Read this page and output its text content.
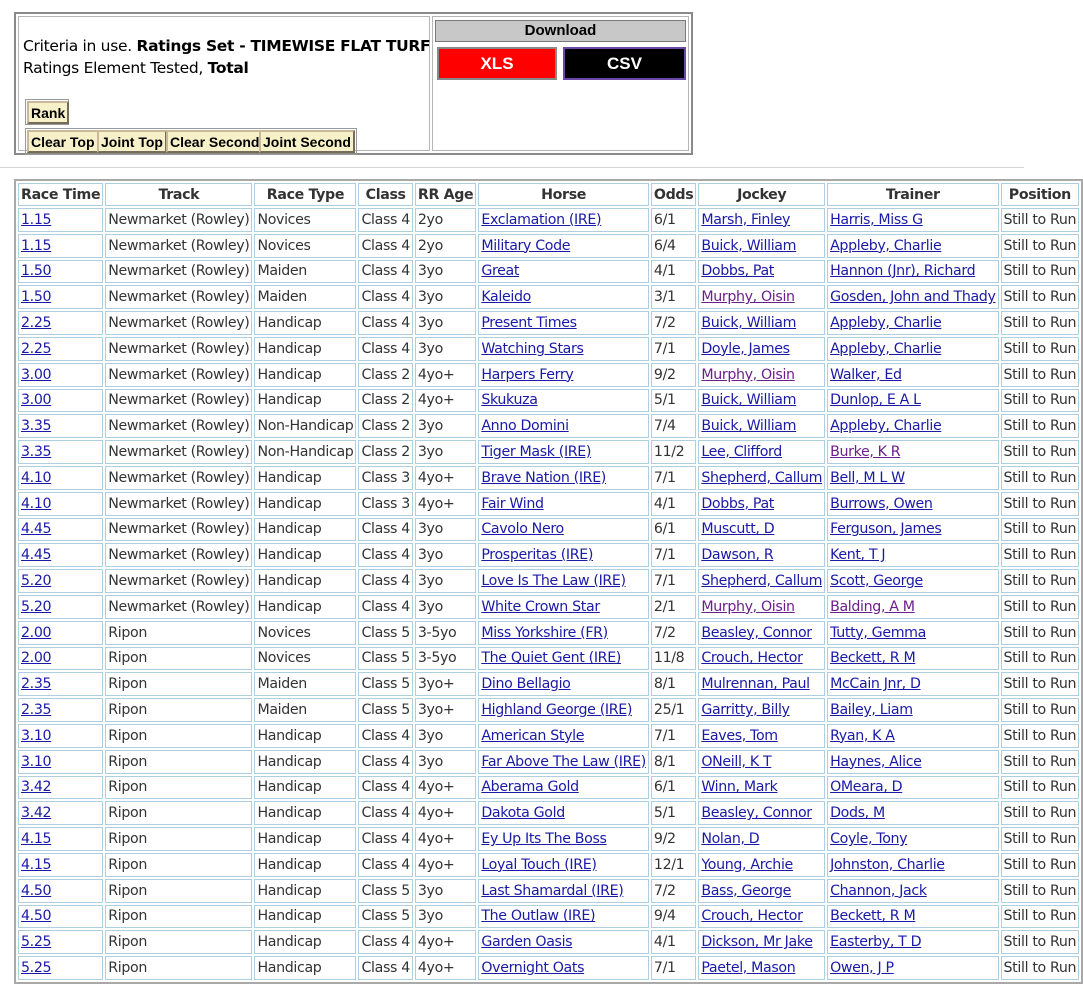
Criteria in use. Ratings Set - TIMEWISE FLAT TURF
Ratings Element Tested, Total
Rank
Clear Top Joint Top Clear Second Joint Second
Download
XLS	CSV
Race Time	Track	Race Type	Class	RR Age	Horse	Odds	Jockey	Trainer	Position
1.15	Newmarket (Rowley)	Novices	Class 4	2yo	Exclamation (IRE)	6/1	Marsh, Finley	Harris, Miss G	Still to Run
1.15	Newmarket (Rowley)	Novices	Class 4	2yo	Military Code	6/4	Buick, William	Appleby, Charlie	Still to Run
1.50	Newmarket (Rowley)	Maiden	Class 4	3yo	Great	4/1	Dobbs, Pat	Hannon (Jnr), Richard	Still to Run
1.50	Newmarket (Rowley)	Maiden	Class 4	3yo	Kaleido	3/1	Murphy, Oisin	Gosden, John and Thady	Still to Run
2.25	Newmarket (Rowley)	Handicap	Class 4	3yo	Present Times	7/2	Buick, William	Appleby, Charlie	Still to Run
2.25	Newmarket (Rowley)	Handicap	Class 4	3yo	Watching Stars	7/1	Doyle, James	Appleby, Charlie	Still to Run
3.00	Newmarket (Rowley)	Handicap	Class 2	4yo+	Harpers Ferry	9/2	Murphy, Oisin	Walker, Ed	Still to Run
3.00	Newmarket (Rowley)	Handicap	Class 2	4yo+	Skukuza	5/1	Buick, William	Dunlop, E A L	Still to Run
3.35	Newmarket (Rowley)	Non-Handicap	Class 2	3yo	Anno Domini	7/4	Buick, William	Appleby, Charlie	Still to Run
3.35	Newmarket (Rowley)	Non-Handicap	Class 2	3yo	Tiger Mask (IRE)	11/2	Lee, Clifford	Burke, K R	Still to Run
4.10	Newmarket (Rowley)	Handicap	Class 3	4yo+	Brave Nation (IRE)	7/1	Shepherd, Callum	Bell, M L W	Still to Run
4.10	Newmarket (Rowley)	Handicap	Class 3	4yo+	Fair Wind	4/1	Dobbs, Pat	Burrows, Owen	Still to Run
4.45	Newmarket (Rowley)	Handicap	Class 4	3yo	Cavolo Nero	6/1	Muscutt, D	Ferguson, James	Still to Run
4.45	Newmarket (Rowley)	Handicap	Class 4	3yo	Prosperitas (IRE)	7/1	Dawson, R	Kent, T J	Still to Run
5.20	Newmarket (Rowley)	Handicap	Class 4	3yo	Love Is The Law (IRE)	7/1	Shepherd, Callum	Scott, George	Still to Run
5.20	Newmarket (Rowley)	Handicap	Class 4	3yo	White Crown Star	2/1	Murphy, Oisin	Balding, A M	Still to Run
2.00	Ripon	Novices	Class 5	3-5yo	Miss Yorkshire (FR)	7/2	Beasley, Connor	Tutty, Gemma	Still to Run
2.00	Ripon	Novices	Class 5	3-5yo	The Quiet Gent (IRE)	11/8	Crouch, Hector	Beckett, R M	Still to Run
2.35	Ripon	Maiden	Class 5	3yo+	Dino Bellagio	8/1	Mulrennan, Paul	McCain Jnr, D	Still to Run
2.35	Ripon	Maiden	Class 5	3yo+	Highland George (IRE)	25/1	Garritty, Billy	Bailey, Liam	Still to Run
3.10	Ripon	Handicap	Class 4	3yo	American Style	7/1	Eaves, Tom	Ryan, K A	Still to Run
3.10	Ripon	Handicap	Class 4	3yo	Far Above The Law (IRE)	8/1	ONeill, K T	Haynes, Alice	Still to Run
3.42	Ripon	Handicap	Class 4	4yo+	Aberama Gold	6/1	Winn, Mark	OMeara, D	Still to Run
3.42	Ripon	Handicap	Class 4	4yo+	Dakota Gold	5/1	Beasley, Connor	Dods, M	Still to Run
4.15	Ripon	Handicap	Class 4	4yo+	Ey Up Its The Boss	9/2	Nolan, D	Coyle, Tony	Still to Run
4.15	Ripon	Handicap	Class 4	4yo+	Loyal Touch (IRE)	12/1	Young, Archie	Johnston, Charlie	Still to Run
4.50	Ripon	Handicap	Class 5	3yo	Last Shamardal (IRE)	7/2	Bass, George	Channon, Jack	Still to Run
4.50	Ripon	Handicap	Class 5	3yo	The Outlaw (IRE)	9/4	Crouch, Hector	Beckett, R M	Still to Run
5.25	Ripon	Handicap	Class 4	4yo+	Garden Oasis	4/1	Dickson, Mr Jake	Easterby, T D	Still to Run
5.25	Ripon	Handicap	Class 4	4yo+	Overnight Oats	7/1	Paetel, Mason	Owen, J P	Still to Run
